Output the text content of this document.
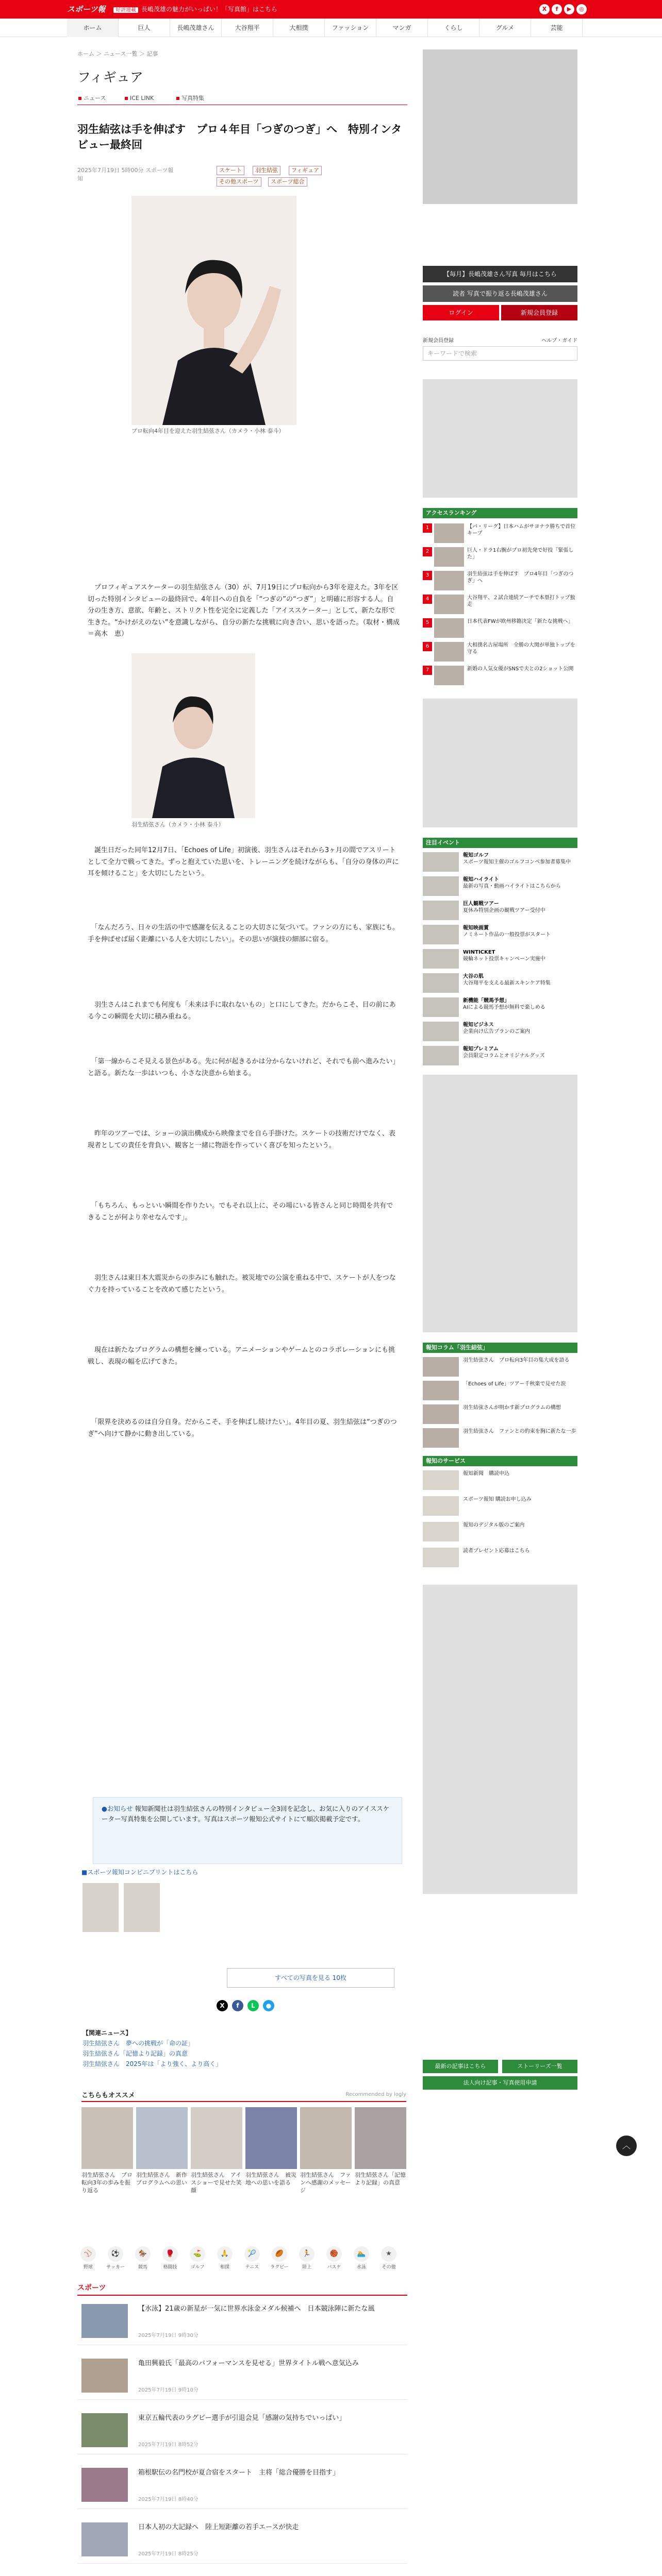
スポーツ報	好評連載 長嶋茂雄の魅力がいっぱい！「写真館」はこちら	X	f	▶	◎
ホーム	巨人	長嶋茂雄さん	大谷翔平	大相撲	ファッション	マンガ	くらし	グルメ	芸能
ホーム ＞ ニュース一覧 ＞ 記事
フィギュア
ニュース	ICE LINK	写真特集
羽生結弦は手を伸ばす　プロ４年目「つぎのつぎ」へ　特別インタビュー最終回
2025年7月19日 5時00分 スポーツ報知
スケート	羽生結弦	フィギュア
その他スポーツ	スポーツ総合
プロ転向4年目を迎えた羽生結弦さん（カメラ・小林 泰斗）
　プロフィギュアスケーターの羽生結弦さん（30）が、7月19日にプロ転向から3年を迎えた。3年を区切った特別インタビューの最終回で、4年目への自負を「“つぎの”の“つぎ”」と明確に形容する人。自分の生き方、意欲、年齢と、ストリクト性を完全に定義した「アイススケーター」として、新たな形で生きた。“かけがえのない”を意識しながら、自分の新たな挑戦に向き合い、思いを語った。（取材・構成＝高木　恵）
羽生結弦さん（カメラ・小林 泰斗）
　誕生日だった同年12月7日、「Echoes of Life」初演後、羽生さんはそれから3ヶ月の間でアスリートとして全力で戦ってきた。ずっと抱えていた思いを、トレーニングを続けながらも、「自分の身体の声に耳を傾けること」を大切にしたという。
　「なんだろう、日々の生活の中で感謝を伝えることの大切さに気づいて。ファンの方にも、家族にも。手を伸ばせば届く距離にいる人を大切にしたい」。その思いが演技の細部に宿る。
　羽生さんはこれまでも何度も「未来は手に取れないもの」と口にしてきた。だからこそ、目の前にある今この瞬間を大切に積み重ねる。
　「第一線からこそ見える景色がある。先に何が起きるかは分からないけれど、それでも前へ進みたい」と語る。新たな一歩はいつも、小さな決意から始まる。
　昨年のツアーでは、ショーの演出構成から映像までを自ら手掛けた。スケートの技術だけでなく、表現者としての責任を背負い、観客と一緒に物語を作っていく喜びを知ったという。
　「もちろん、もっといい瞬間を作りたい。でもそれ以上に、その場にいる皆さんと同じ時間を共有できることが何より幸せなんです」。
　羽生さんは東日本大震災からの歩みにも触れた。被災地での公演を重ねる中で、スケートが人をつなぐ力を持っていることを改めて感じたという。
　現在は新たなプログラムの構想を練っている。アニメーションやゲームとのコラボレーションにも挑戦し、表現の幅を広げてきた。
　「限界を決めるのは自分自身。だからこそ、手を伸ばし続けたい」。4年目の夏、羽生結弦は“つぎのつぎ”へ向けて静かに動き出している。
●お知らせ 報知新聞社は羽生結弦さんの特別インタビュー全3回を記念し、お気に入りのアイススケーター写真特集を公開しています。写真はスポーツ報知公式サイトにて順次掲載予定です。
■スポーツ報知コンビニプリントはこちら
すべての写真を見る 10枚
X	f	L	●
【関連ニュース】
羽生結弦さん　夢への挑戦が「命の証」
羽生結弦さん「記憶より記録」の真意
羽生結弦さん　2025年は「より強く、より高く」
こちらもオススメ	Recommended by logly
羽生結弦さん　プロ転向3年の歩みを振り返る
羽生結弦さん　新作プログラムへの思い
羽生結弦さん　アイスショーで見せた笑顔
羽生結弦さん　被災地への思いを語る
羽生結弦さん　ファンへ感謝のメッセージ
羽生結弦さん「記憶より記録」の真意
⚾
野球
⚽
サッカー
🏇
競馬
🥊
格闘技
⛳
ゴルフ
🙏
相撲
🎾
テニス
🏉
ラグビー
🏃
陸上
🏀
バスケ
🏊
水泳
★
その他
スポーツ
【水泳】21歳の新星が一気に世界水泳金メダル候補へ　日本競泳陣に新たな風
2025年7月19日 9時30分
亀田興毅氏「最高のパフォーマンスを見せる」世界タイトル戦へ意気込み
2025年7月19日 9時10分
東京五輪代表のラグビー選手が引退会見「感謝の気持ちでいっぱい」
2025年7月19日 8時52分
箱根駅伝の名門校が夏合宿をスタート　主将「総合優勝を目指す」
2025年7月19日 8時40分
日本人初の大記録へ　陸上短距離の若手エースが快走
2025年7月19日 8時25分
︿
【毎月】長嶋茂雄さん写真 毎月はこちら
読者 写真で振り返る長嶋茂雄さん
ログイン	新規会員登録
新規会員登録　	ヘルプ・ガイド
キーワードで検索
アクセスランキング
1	【パ・リーグ】日本ハムがサヨナラ勝ちで首位キープ
2	巨人・ドラ1右腕がプロ初先発で好投「緊張した」
3	羽生結弦は手を伸ばす　プロ4年目「つぎのつぎ」へ
4	大谷翔平、２試合連続アーチで本塁打トップ独走
5	日本代表FWが欧州移籍決定「新たな挑戦へ」
6	大相撲名古屋場所　全勝の大関が単独トップを守る
7	新婚の人気女優がSNSで夫との2ショット公開
注目イベント
報知ゴルフ
スポーツ報知主催のゴルフコンペ参加者募集中
報知ハイライト
最新の写真・動画ハイライトはこちらから
巨人観戦ツアー
夏休み特別企画の観戦ツアー受付中
報知映画賞
ノミネート作品の一般投票がスタート
WINTICKET
競輪ネット投票キャンペーン実施中
大谷の肌
大谷翔平を支える最新スキンケア特集
新機能「競馬予想」
AIによる競馬予想が無料で楽しめる
報知ビジネス
企業向け広告プランのご案内
報知プレミアム
会員限定コラムとオリジナルグッズ
報知コラム「羽生結弦」
羽生結弦さん　プロ転向3年目の集大成を語る
「Echoes of Life」ツアー千秋楽で見せた涙
羽生結弦さんが明かす新プログラムの構想
羽生結弦さん　ファンとの約束を胸に新たな一歩
報知のサービス
報知新聞　購読申込
スポーツ報知 購読お申し込み
報知のデジタル版のご案内
読者プレゼント応募はこちら
最新の記事はこちら	ストーリーズ一覧
法人向け記事・写真使用申請
